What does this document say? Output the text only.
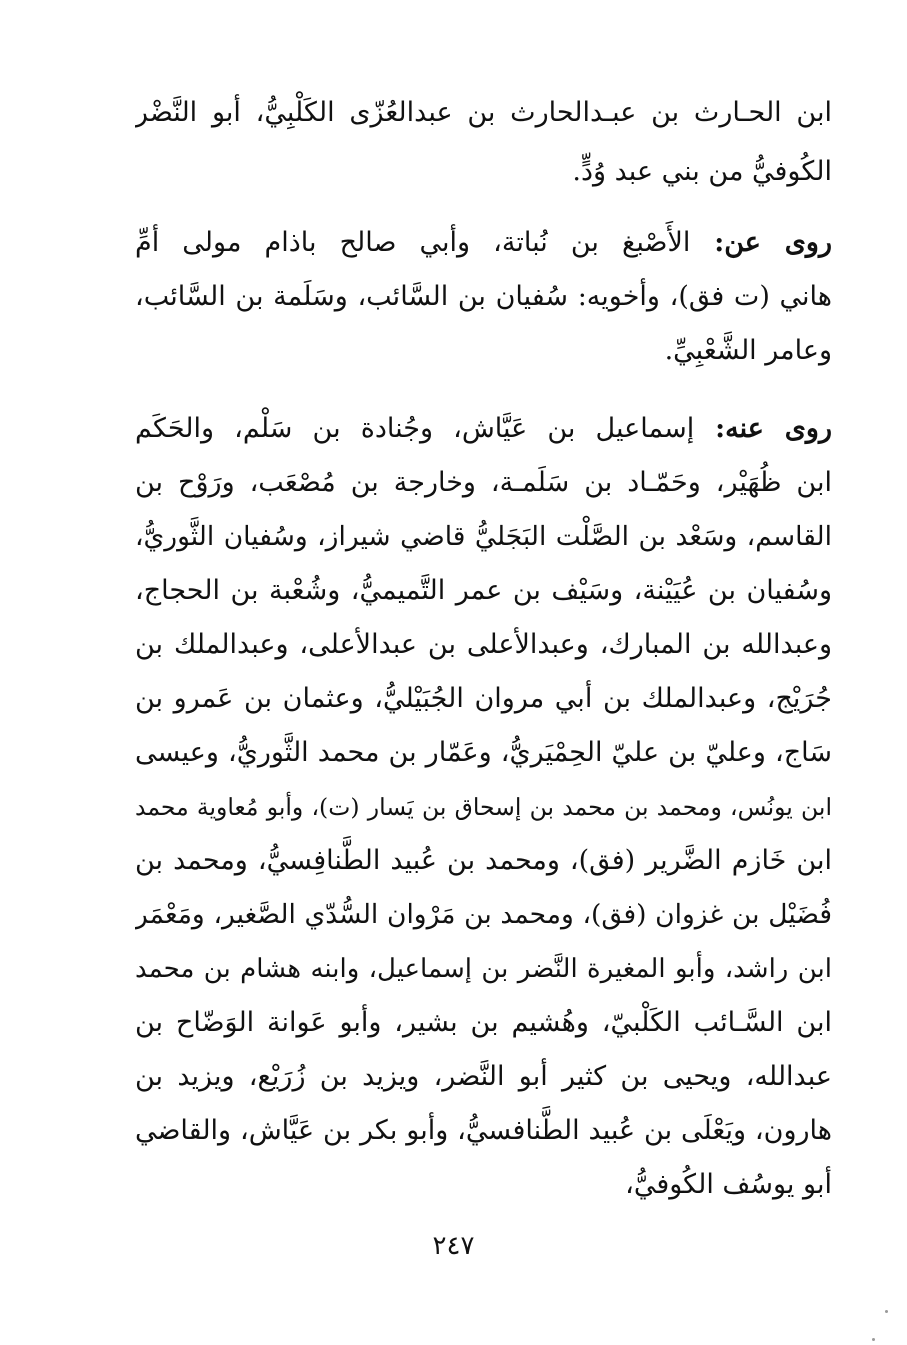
ابن الحـارث بن عبـدالحارث بن عبدالعُزّى الكَلْبِيُّ، أبو النَّضْر
الكُوفيُّ من بني عبد وُدٍّ.
روى عن: الأَصْبغ بن نُباتة، وأبي صالح باذام مولى أمِّ
هاني (ت فق)، وأخويه: سُفيان بن السَّائب، وسَلَمة بن السَّائب،
وعامر الشَّعْبِيِّ.
روى عنه: إسماعيل بن عَيَّاش، وجُنادة بن سَلْم، والحَكَم
ابن ظُهَيْر، وحَمّـاد بن سَلَمـة، وخارجة بن مُصْعَب، ورَوْح بن
القاسم، وسَعْد بن الصَّلْت البَجَليُّ قاضي شيراز، وسُفيان الثَّوريُّ،
وسُفيان بن عُيَيْنة، وسَيْف بن عمر التَّميميُّ، وشُعْبة بن الحجاج،
وعبدالله بن المبارك، وعبدالأعلى بن عبدالأعلى، وعبدالملك بن
جُرَيْج، وعبدالملك بن أبي مروان الجُبَيْليُّ، وعثمان بن عَمرو بن
سَاج، وعليّ بن عليّ الحِمْيَريُّ، وعَمّار بن محمد الثَّوريُّ، وعيسى
ابن يونُس، ومحمد بن محمد بن إسحاق بن يَسار (ت)، وأبو مُعاوية محمد
ابن خَازم الضَّرير (فق)، ومحمد بن عُبيد الطَّنافِسيُّ، ومحمد بن
فُضَيْل بن غزوان (فق)، ومحمد بن مَرْوان السُّدّي الصَّغير، ومَعْمَر
ابن راشد، وأبو المغيرة النَّضر بن إسماعيل، وابنه هشام بن محمد
ابن السَّـائب الكَلْبيّ، وهُشيم بن بشير، وأبو عَوانة الوَضّاح بن
عبدالله، ويحيى بن كثير أبو النَّضر، ويزيد بن زُرَيْع، ويزيد بن
هارون، ويَعْلَى بن عُبيد الطَّنافسيُّ، وأبو بكر بن عَيَّاش، والقاضي
أبو يوسُف الكُوفيُّ،
٢٤٧
